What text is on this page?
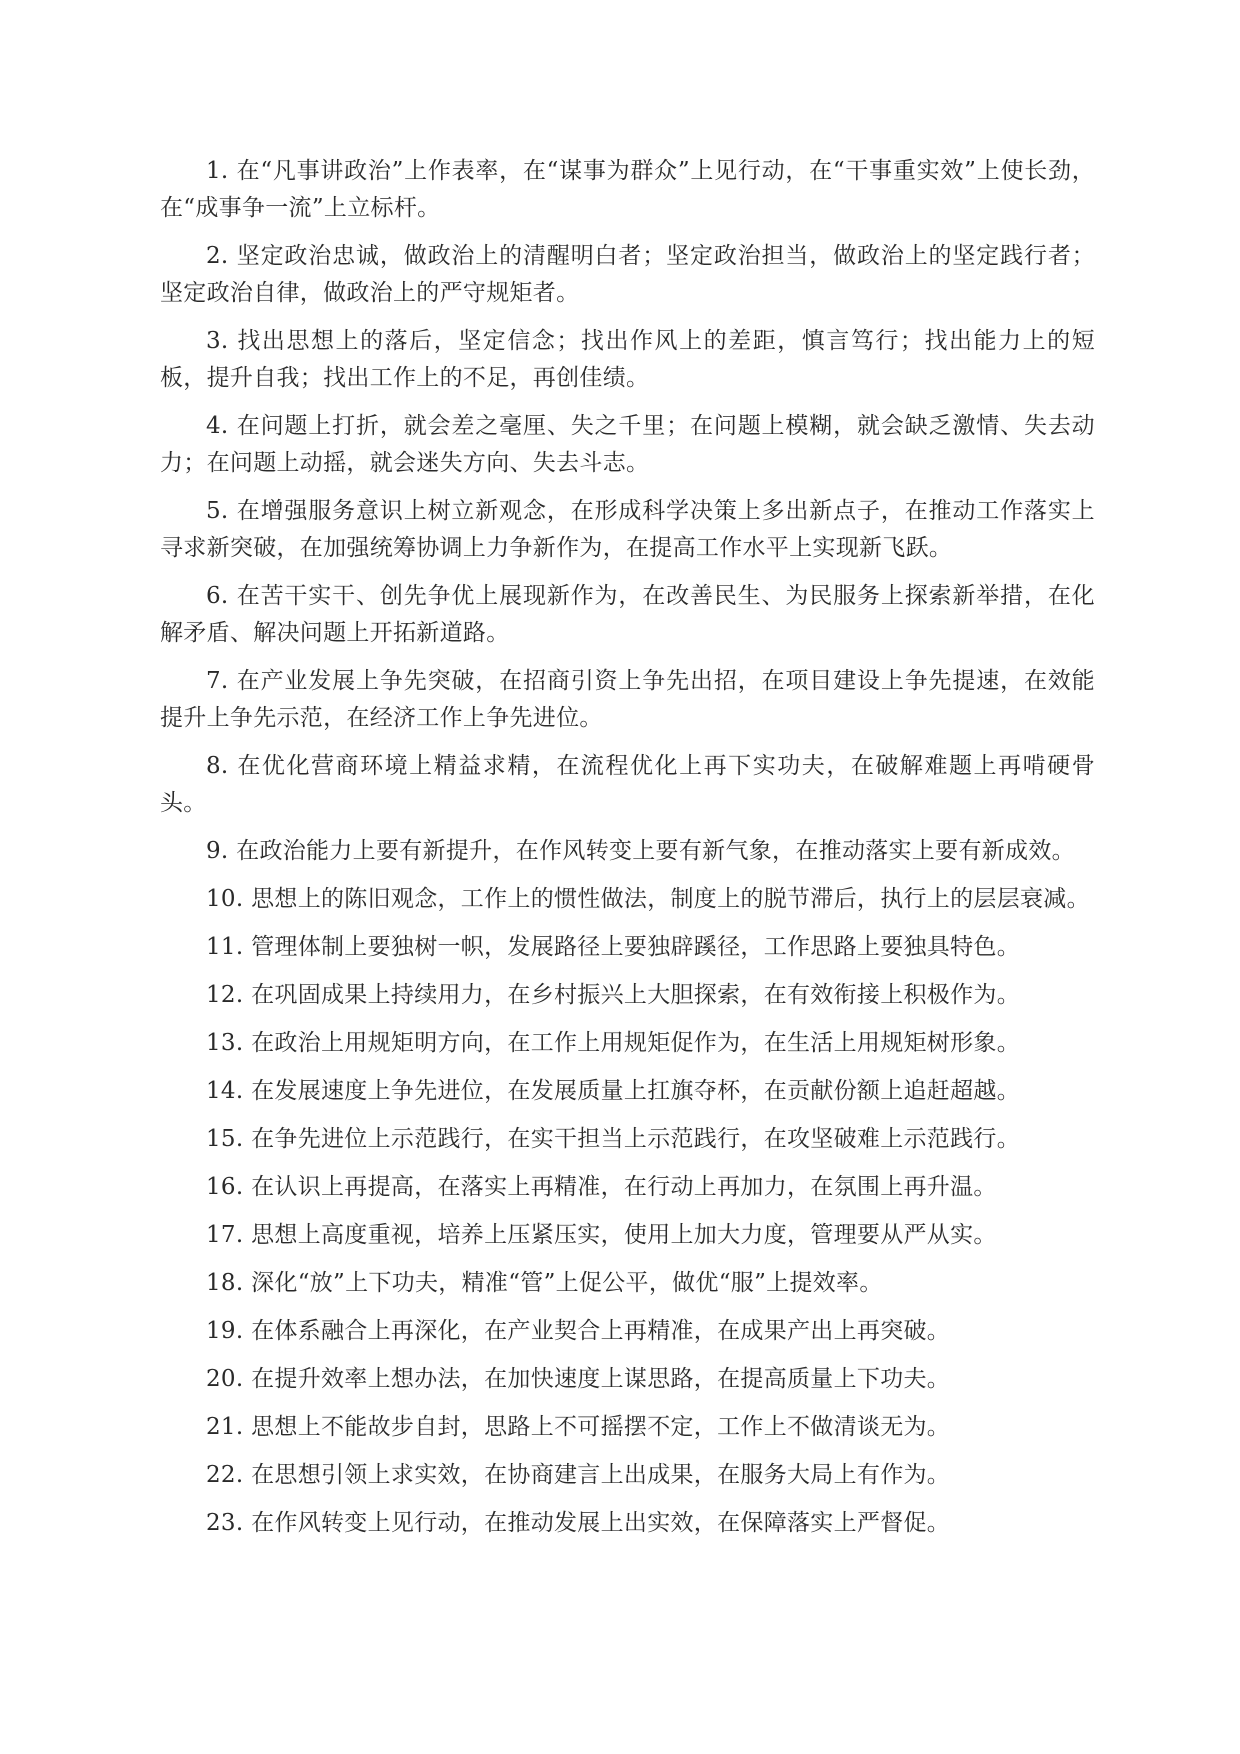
1. 在“凡事讲政治”上作表率，在“谋事为群众”上见行动，在“干事重实效”上使长劲，在“成事争一流”上立标杆。

2. 坚定政治忠诚，做政治上的清醒明白者；坚定政治担当，做政治上的坚定践行者；坚定政治自律，做政治上的严守规矩者。

3. 找出思想上的落后，坚定信念；找出作风上的差距，慎言笃行；找出能力上的短板，提升自我；找出工作上的不足，再创佳绩。

4. 在问题上打折，就会差之毫厘、失之千里；在问题上模糊，就会缺乏激情、失去动力；在问题上动摇，就会迷失方向、失去斗志。

5. 在增强服务意识上树立新观念，在形成科学决策上多出新点子，在推动工作落实上寻求新突破，在加强统筹协调上力争新作为，在提高工作水平上实现新飞跃。

6. 在苦干实干、创先争优上展现新作为，在改善民生、为民服务上探索新举措，在化解矛盾、解决问题上开拓新道路。

7. 在产业发展上争先突破，在招商引资上争先出招，在项目建设上争先提速，在效能提升上争先示范，在经济工作上争先进位。

8. 在优化营商环境上精益求精，在流程优化上再下实功夫，在破解难题上再啃硬骨头。

9. 在政治能力上要有新提升，在作风转变上要有新气象，在推动落实上要有新成效。

10. 思想上的陈旧观念，工作上的惯性做法，制度上的脱节滞后，执行上的层层衰减。

11. 管理体制上要独树一帜，发展路径上要独辟蹊径，工作思路上要独具特色。

12. 在巩固成果上持续用力，在乡村振兴上大胆探索，在有效衔接上积极作为。

13. 在政治上用规矩明方向，在工作上用规矩促作为，在生活上用规矩树形象。

14. 在发展速度上争先进位，在发展质量上扛旗夺杯，在贡献份额上追赶超越。

15. 在争先进位上示范践行，在实干担当上示范践行，在攻坚破难上示范践行。

16. 在认识上再提高，在落实上再精准，在行动上再加力，在氛围上再升温。

17. 思想上高度重视，培养上压紧压实，使用上加大力度，管理要从严从实。

18. 深化“放”上下功夫，精准“管”上促公平，做优“服”上提效率。

19. 在体系融合上再深化，在产业契合上再精准，在成果产出上再突破。

20. 在提升效率上想办法，在加快速度上谋思路，在提高质量上下功夫。

21. 思想上不能故步自封，思路上不可摇摆不定，工作上不做清谈无为。

22. 在思想引领上求实效，在协商建言上出成果，在服务大局上有作为。

23. 在作风转变上见行动，在推动发展上出实效，在保障落实上严督促。
